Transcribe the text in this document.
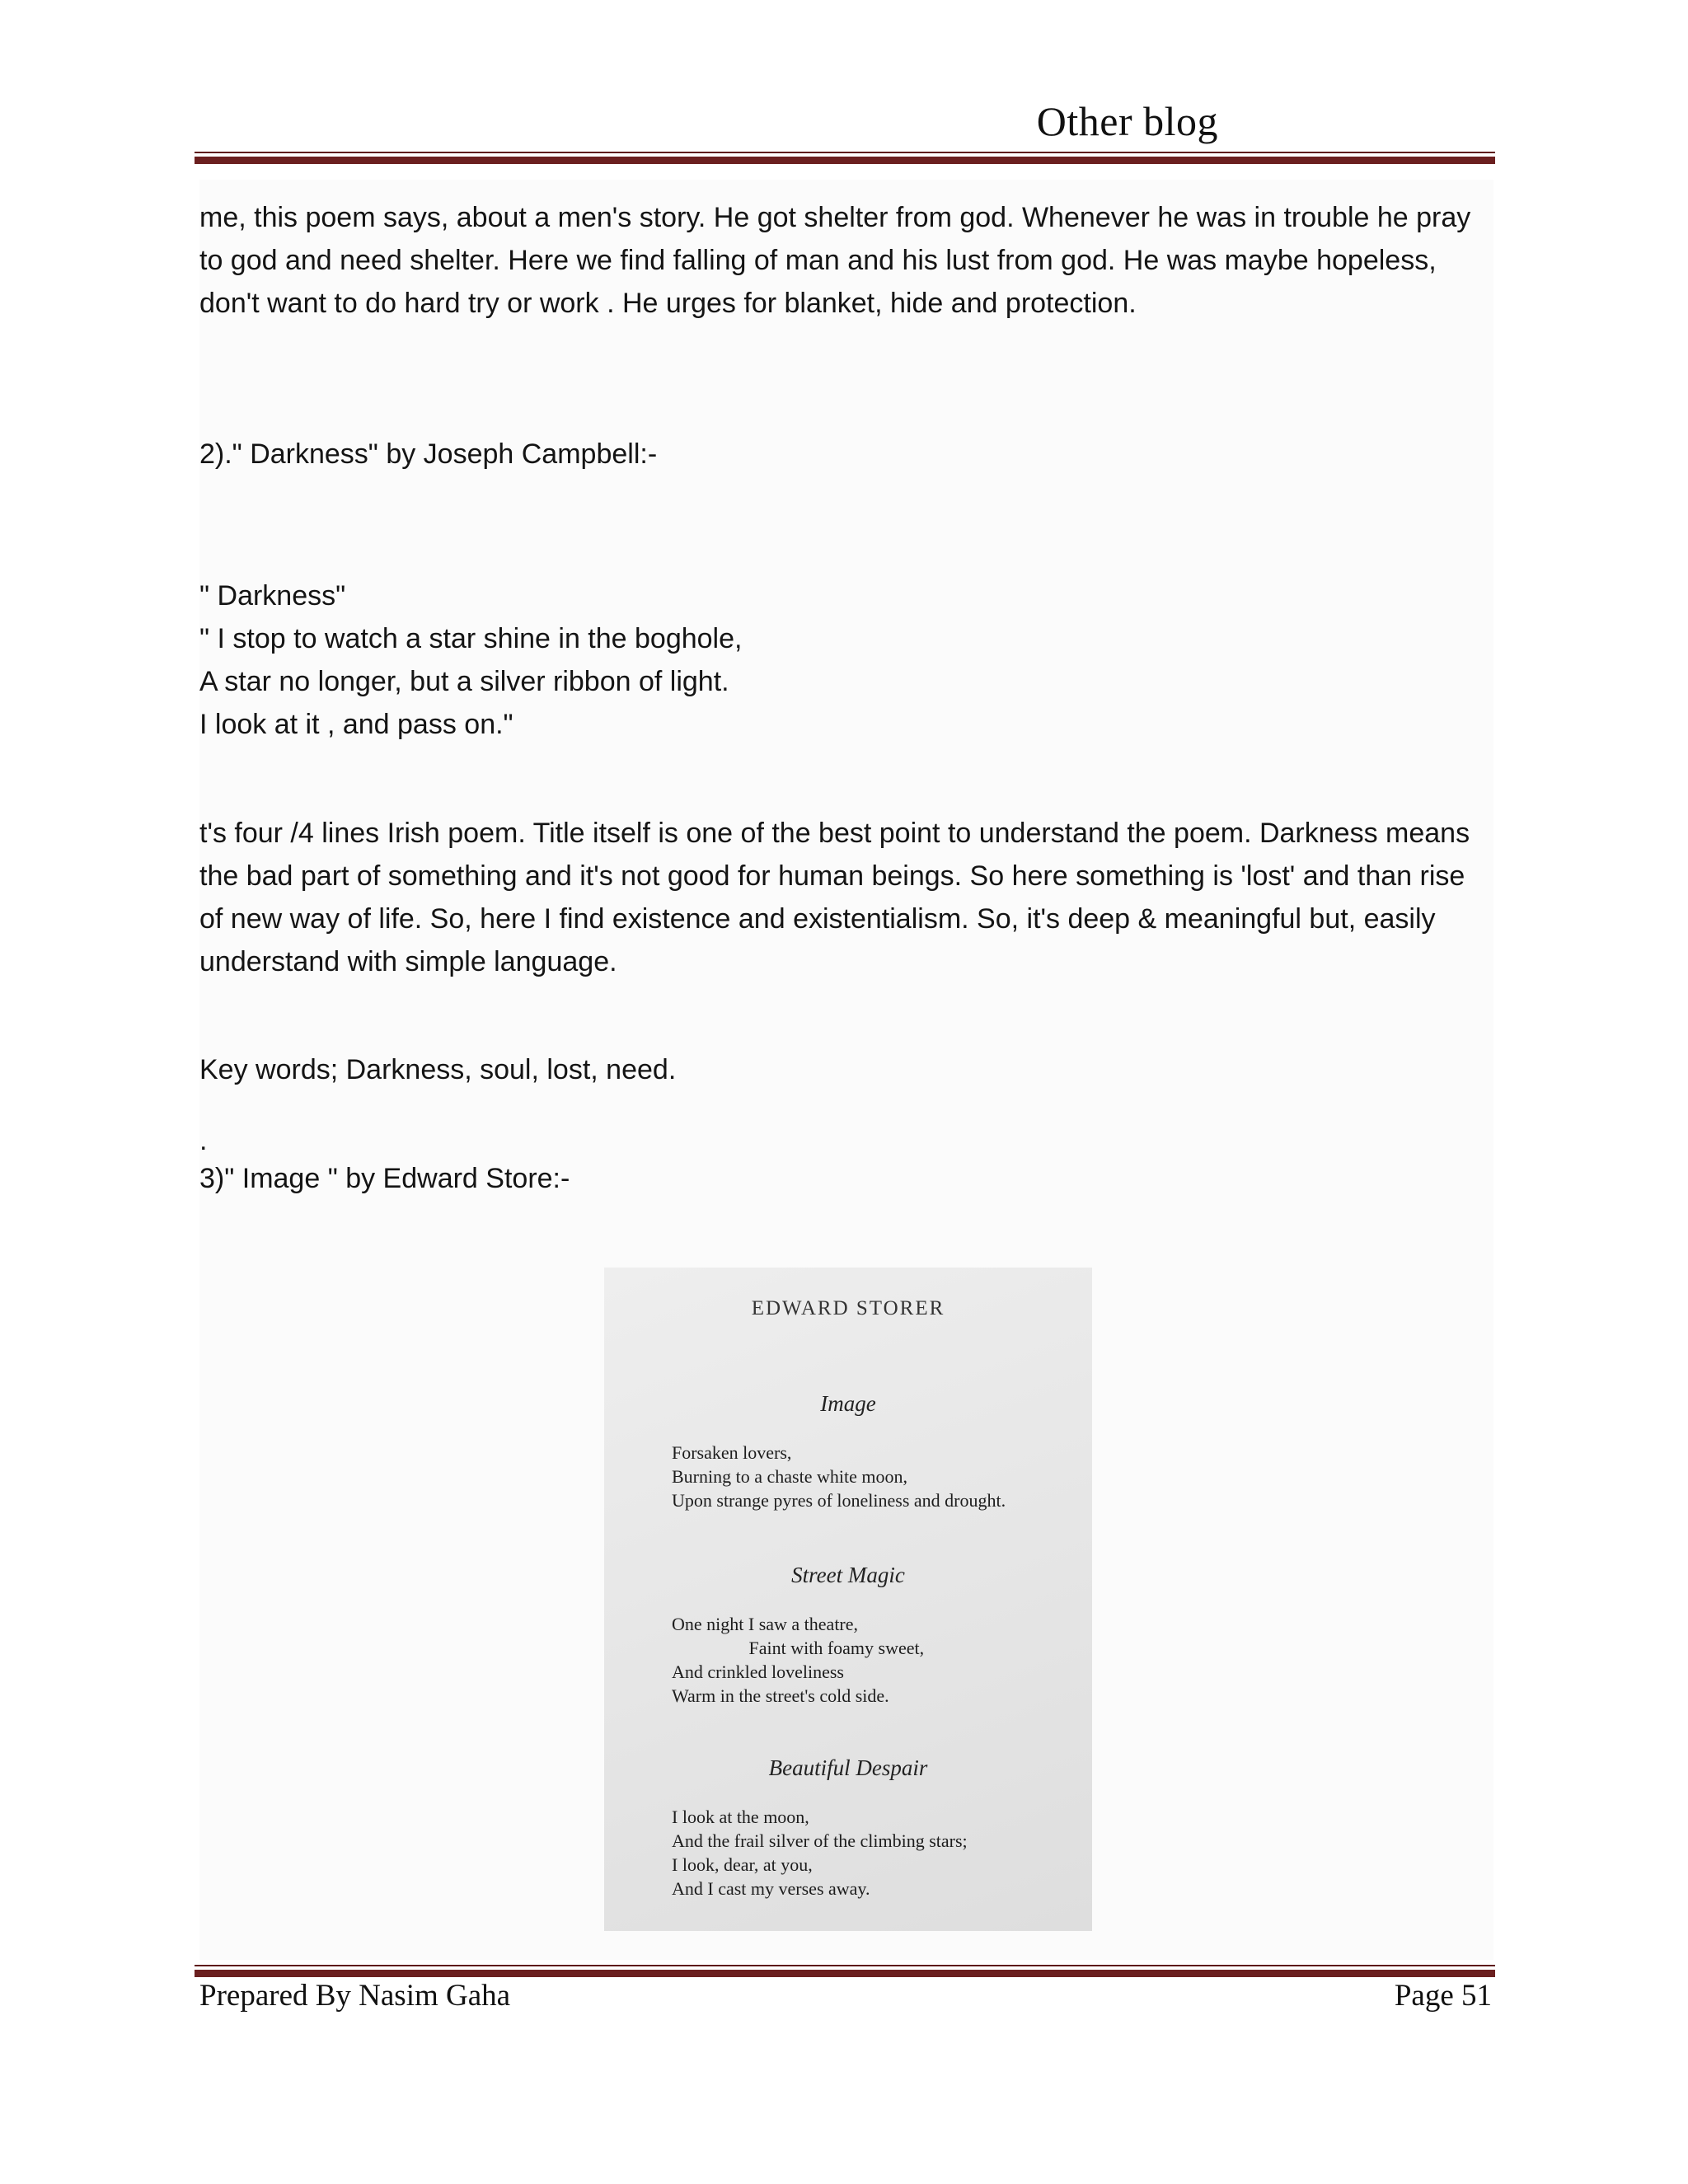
Other blog

me, this poem says, about a men's story. He got shelter from god. Whenever he was in trouble he pray

to god and need shelter. Here we find falling of man and his lust from god. He was maybe hopeless,

don't want to do hard try or work . He urges for blanket, hide and protection.

2)." Darkness" by Joseph Campbell:-

" Darkness"

" I stop to watch a star shine in the boghole,

A star no longer, but a silver ribbon of light.

I look at it , and pass on."

t's four /4 lines Irish poem. Title itself is one of the best point to understand the poem. Darkness means

the bad part of something and it's not good for human beings. So here something is 'lost' and than rise

of new way of life. So, here I find existence and existentialism. So, it's deep & meaningful but, easily

understand with simple language.

Key words; Darkness, soul, lost, need.

.

3)" Image " by Edward Store:-

EDWARD STORER
Image
Forsaken lovers,
Burning to a chaste white moon,
Upon strange pyres of loneliness and drought.
Street Magic
One night I saw a theatre,
Faint with foamy sweet,
And crinkled loveliness
Warm in the street's cold side.
Beautiful Despair
I look at the moon,
And the frail silver of the climbing stars;
I look, dear, at you,
And I cast my verses away.
Prepared By Nasim Gaha	Page 51
